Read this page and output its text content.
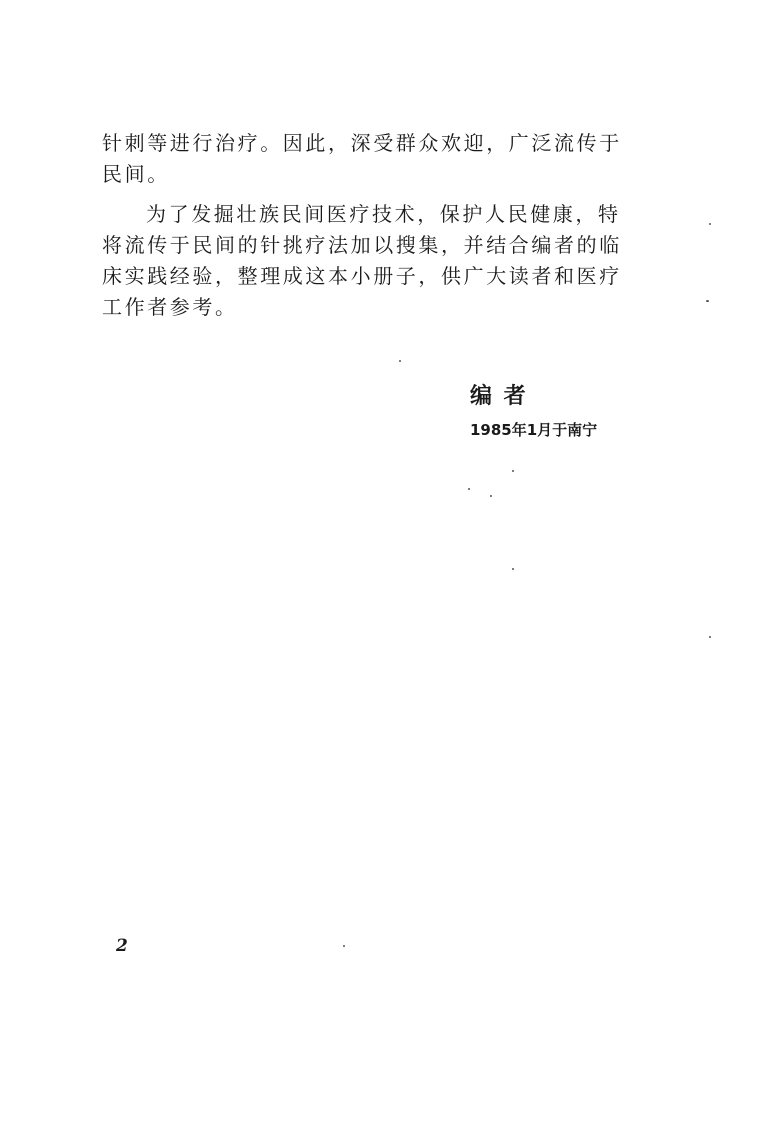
针刺等进行治疗。因此，深受群众欢迎，广泛流传于
民间。
为了发掘壮族民间医疗技术，保护人民健康，特
将流传于民间的针挑疗法加以搜集，并结合编者的临
床实践经验，整理成这本小册子，供广大读者和医疗
工作者参考。
编 者
1985年1月于南宁
2
